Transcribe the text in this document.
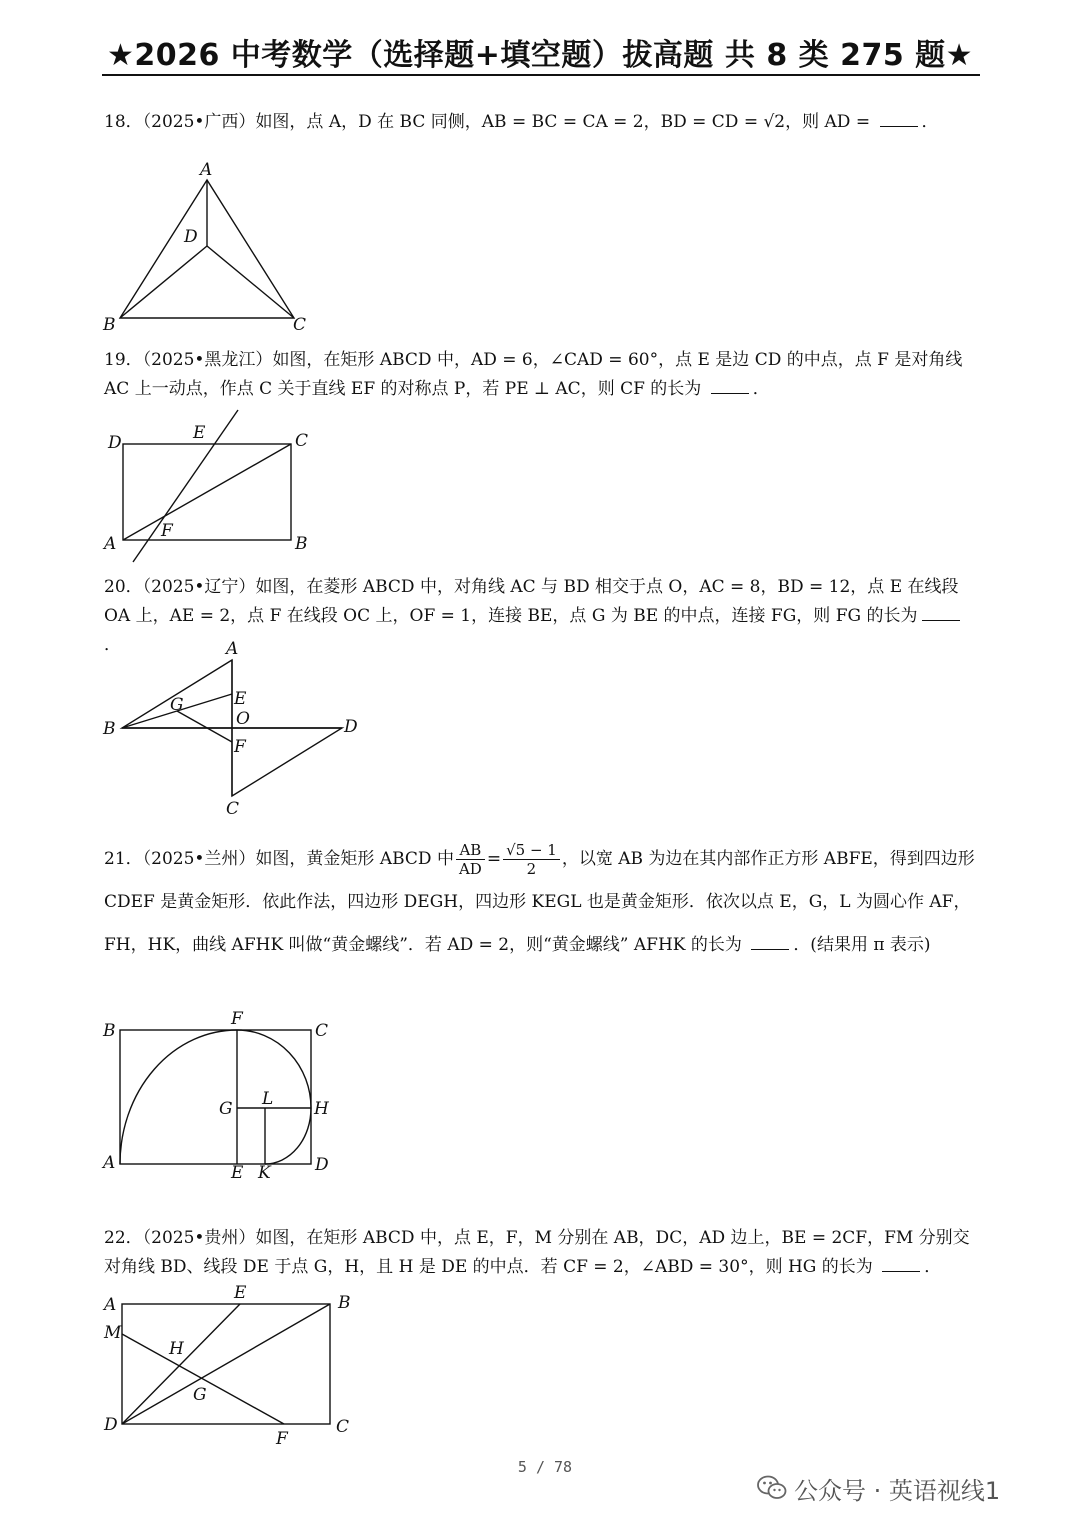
★2026 中考数学（选择题+填空题）拔高题 共 8 类 275 题★
18．（2025•广西）如图，点 A，D 在 BC 同侧，AB = BC = CA = 2，BD = CD = √2，则 AD =	．
A
D
B	C
19．（2025•黑龙江）如图，在矩形 ABCD 中，AD = 6，∠CAD = 60°，点 E 是边 CD 的中点，点 F 是对角线 AC 上一动点，作点 C 关于直线 EF 的对称点 P，若 PE ⊥ AC，则 CF 的长为	．
D	E	C
A
F
B
20．（2025•辽宁）如图，在菱形 ABCD 中，对角线 AC 与 BD 相交于点 O，AC = 8，BD = 12，点 E 在线段 OA 上，AE = 2，点 F 在线段 OC 上，OF = 1，连接 BE，点 G 为 BE 的中点，连接 FG，则 FG 的长为．	A
G	E
O
B	D
F
C
21．（2025•兰州）如图，黄金矩形 ABCD 中 $\frac{AB}{AD} = \frac{√5 - 1}{2}$ ，以宽 AB 为边在其内部作正方形 ABFE，得到四边形 CDEF 是黄金矩形．依此作法，四边形 DEGH，四边形 KEGL 也是黄金矩形．依次以点 E，G，L 为圆心作 AF，FH，HK，曲线 AFHK 叫做“黄金螺线”．若 AD = 2，则“黄金螺线” AFHK 的长为	．(结果用 π 表示)
B
F
C
G L H
A	E K	D
22．（2025•贵州）如图，在矩形 ABCD 中，点 E，F，M 分别在 AB，DC，AD 边上，BE = 2CF，FM 分别交对角线 BD、线段 DE 于点 G，H，且 H 是 DE 的中点．若 CF = 2，∠ABD = 30°，则 HG 的长为	．
A
E	B
M
H
G
D	C
F
5 / 78
公众号 · 英语视线1
